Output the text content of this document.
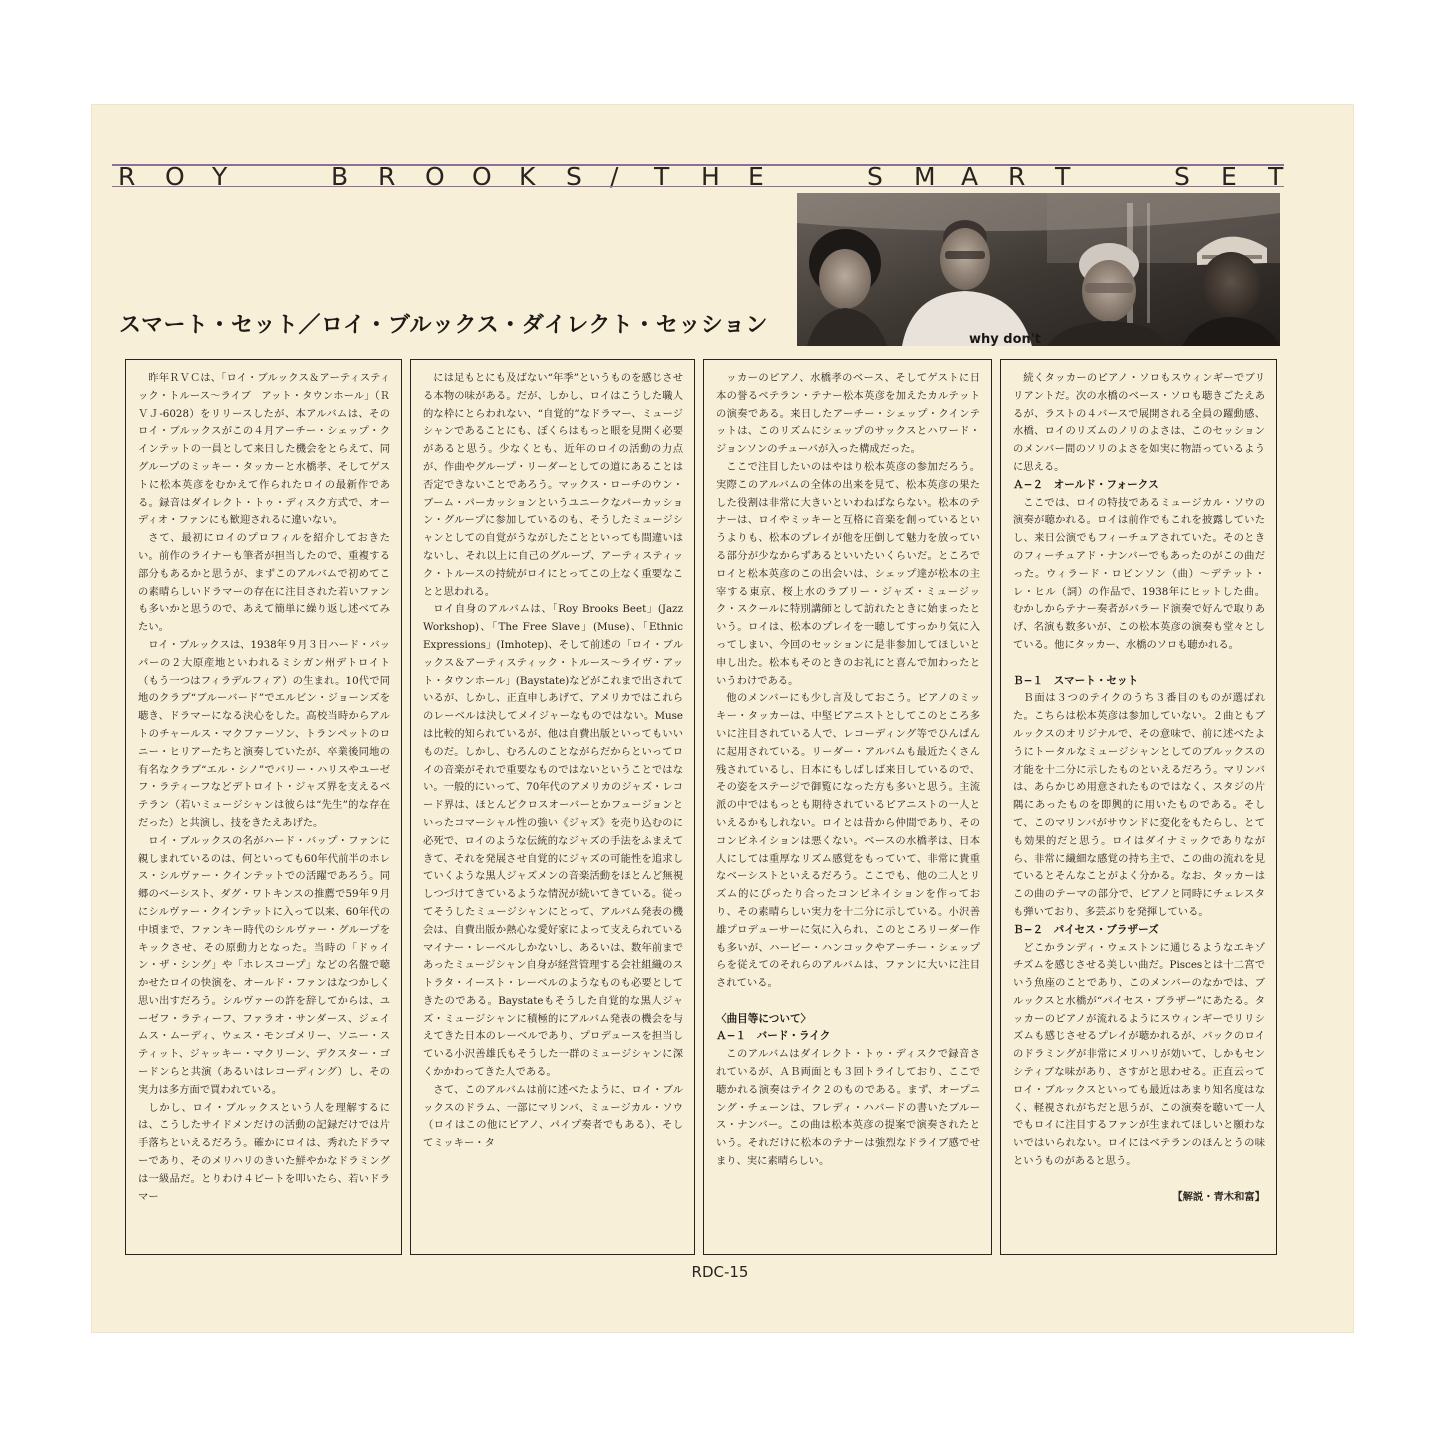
R O Y	B R O O K S / T H E	S M A R T	S E T
why don't
スマート・セット／ロイ・ブルックス・ダイレクト・セッション

昨年ＲＶＣは、「ロイ・ブルックス＆アーティスティック・トルース〜ライブ　アット・タウンホール」（ＲＶＪ-6028）をリリースしたが、本アルバムは、そのロイ・ブルックスがこの４月アーチー・シェップ・クインテットの一員として来日した機会をとらえて、同グループのミッキー・タッカーと水橋孝、そしてゲストに松本英彦をむかえて作られたロイの最新作である。録音はダイレクト・トゥ・ディスク方式で、オーディオ・ファンにも歓迎されるに違いない。

さて、最初にロイのプロフィルを紹介しておきたい。前作のライナーも筆者が担当したので、重複する部分もあるかと思うが、まずこのアルバムで初めてこの素晴らしいドラマーの存在に注目された若いファンも多いかと思うので、あえて簡単に繰り返し述べてみたい。

ロイ・ブルックスは、1938年９月３日ハード・バッパーの２大原産地といわれるミシガン州デトロイト（もう一つはフィラデルフィア）の生まれ。10代で同地のクラブ“ブルーバード”でエルビン・ジョーンズを聴き、ドラマーになる決心をした。高校当時からアルトのチャールス・マクファーソン、トランペットのロニー・ヒリアーたちと演奏していたが、卒業後同地の有名なクラブ“エル・シノ”でバリー・ハリスやユーゼフ・ラティーフなどデトロイト・ジャズ界を支えるベテラン（若いミュージシャンは彼らは“先生”的な存在だった）と共演し、技をきたえあげた。

ロイ・ブルックスの名がハード・バップ・ファンに親しまれているのは、何といっても60年代前半のホレス・シルヴァー・クインテットでの活躍であろう。同郷のベーシスト、ダグ・ワトキンスの推薦で59年９月にシルヴァー・クインテットに入って以来、60年代の中頃まで、ファンキー時代のシルヴァー・グループをキックさせ、その原動力となった。当時の「ドゥイン・ザ・シング」や「ホレスコープ」などの名盤で聴かせたロイの快演を、オールド・ファンはなつかしく思い出すだろう。シルヴァーの許を辞してからは、ユーゼフ・ラティーフ、ファラオ・サンダース、ジェイムス・ムーディ、ウェス・モンゴメリー、ソニー・スティット、ジャッキー・マクリーン、デクスター・ゴードンらと共演（あるいはレコーディング）し、その実力は多方面で買われている。

しかし、ロイ・ブルックスという人を理解するには、こうしたサイドメンだけの活動の記録だけでは片手落ちといえるだろう。確かにロイは、秀れたドラマーであり、そのメリハリのきいた鮮やかなドラミングは一級品だ。とりわけ４ビートを叩いたら、若いドラマー

には足もとにも及ばない“年季”というものを感じさせる本物の味がある。だが、しかし、ロイはこうした職人的な枠にとらわれない、“自覚的”なドラマー、ミュージシャンであることにも、ぼくらはもっと眼を見開く必要があると思う。少なくとも、近年のロイの活動の力点が、作曲やグループ・リーダーとしての道にあることは否定できないことであろう。マックス・ローチのウン・ブーム・パーカッションというユニークなパーカッション・グループに参加しているのも、そうしたミュージシャンとしての自覚がうながしたことといっても間違いはないし、それ以上に自己のグループ、アーティスティック・トルースの持続がロイにとってこの上なく重要なことと思われる。

ロイ自身のアルバムは、「Roy Brooks Beet」(Jazz Workshop)、「The Free Slave」(Muse)、「Ethnic Expressions」(Imhotep)、そして前述の「ロイ・ブルックス＆アーティスティック・トルース〜ライヴ・アット・タウンホール」(Baystate)などがこれまで出されているが、しかし、正直申しあげて、アメリカではこれらのレーベルは決してメイジャーなものではない。Museは比較的知られているが、他は自費出版といってもいいものだ。しかし、むろんのことながらだからといってロイの音楽がそれで重要なものではないということではない。一般的にいって、70年代のアメリカのジャズ・レコード界は、ほとんどクロスオーバーとかフュージョンといったコマーシャル性の強い《ジャズ》を売り込むのに必死で、ロイのような伝統的なジャズの手法をふまえてきて、それを発展させ自覚的にジャズの可能性を追求していくような黒人ジャズメンの音楽活動をほとんど無視しつづけてきているような情況が続いてきている。従ってそうしたミュージシャンにとって、アルバム発表の機会は、自費出版か熱心な愛好家によって支えられているマイナー・レーベルしかないし、あるいは、数年前まであったミュージシャン自身が経営管理する会社組織のストラタ・イースト・レーベルのようなものも必要としてきたのである。Baystateもそうした自覚的な黒人ジャズ・ミュージシャンに積極的にアルバム発表の機会を与えてきた日本のレーベルであり、プロデュースを担当している小沢善雄氏もそうした一群のミュージシャンに深くかかわってきた人である。

さて、このアルバムは前に述べたように、ロイ・ブルックスのドラム、一部にマリンバ、ミュージカル・ソウ（ロイはこの他にピアノ、パイプ奏者でもある）、そしてミッキー・タ

ッカーのピアノ、水橋孝のベース、そしてゲストに日本の誉るベテラン・テナー松本英彦を加えたカルテットの演奏である。来日したアーチー・シェップ・クインテットは、このリズムにシェップのサックスとハワード・ジョンソンのチューバが入った構成だった。

ここで注目したいのはやはり松本英彦の参加だろう。実際このアルバムの全体の出来を見て、松本英彦の果たした役割は非常に大きいといわねばならない。松本のテナーは、ロイやミッキーと互格に音楽を創っているというよりも、松本のプレイが他を圧倒して魅力を放っている部分が少なからずあるといいたいくらいだ。ところでロイと松本英彦のこの出会いは、シェップ達が松本の主宰する東京、桜上水のラブリー・ジャズ・ミュージック・スクールに特別講師として訪れたときに始まったという。ロイは、松本のプレイを一聴してすっかり気に入ってしまい、今回のセッションに是非参加してほしいと申し出た。松本もそのときのお礼にと喜んで加わったというわけである。

他のメンバーにも少し言及しておこう。ピアノのミッキー・タッカーは、中堅ピアニストとしてこのところ多いに注目されている人で、レコーディング等でひんぱんに起用されている。リーダー・アルバムも最近たくさん残されているし、日本にもしばしば来日しているので、その姿をステージで御覧になった方も多いと思う。主流派の中ではもっとも期待されているピアニストの一人といえるかもしれない。ロイとは昔から仲間であり、そのコンビネイションは悪くない。ベースの水橋孝は、日本人にしては重厚なリズム感覚をもっていて、非常に貴重なベーシストといえるだろう。ここでも、他の二人とリズム的にぴったり合ったコンビネイションを作っており、その素晴らしい実力を十二分に示している。小沢善雄プロデューサーに気に入られ、このところリーダー作も多いが、ハービー・ハンコックやアーチー・シェップらを従えてのそれらのアルバムは、ファンに大いに注目されている。

〈曲目等について〉
Ａ−１　バード・ライク

このアルバムはダイレクト・トゥ・ディスクで録音されているが、ＡＢ両面とも３回トライしており、ここで聴かれる演奏はテイク２のものである。まず、オープニング・チェーンは、フレディ・ハバードの書いたブルース・ナンバー。この曲は松本英彦の提案で演奏されたという。それだけに松本のテナーは強烈なドライブ感でせまり、実に素晴らしい。

続くタッカーのピアノ・ソロもスウィンギーでブリリアントだ。次の水橋のベース・ソロも聴きごたえあるが、ラストの４バースで展開される全員の躍動感、水橋、ロイのリズムのノリのよさは、このセッションのメンバー間のソリのよさを如実に物語っているように思える。

Ａ−２　オールド・フォークス

ここでは、ロイの特技であるミュージカル・ソウの演奏が聴かれる。ロイは前作でもこれを披露していたし、来日公演でもフィーチュアされていた。そのときのフィーチュアド・ナンバーでもあったのがこの曲だった。ウィラード・ロビンソン（曲）〜デテット・レ・ヒル（詞）の作品で、1938年にヒットした曲。むかしからテナー奏者がバラード演奏で好んで取りあげ、名演も数多いが、この松本英彦の演奏も堂々としている。他にタッカー、水橋のソロも聴かれる。

Ｂ−１　スマート・セット

Ｂ面は３つのテイクのうち３番目のものが選ばれた。こちらは松本英彦は参加していない。２曲ともブルックスのオリジナルで、その意味で、前に述べたようにトータルなミュージシャンとしてのブルックスの才能を十二分に示したものといえるだろう。マリンバは、あらかじめ用意されたものではなく、スタジの片隅にあったものを即興的に用いたものである。そして、このマリンバがサウンドに変化をもたらし、とても効果的だと思う。ロイはダイナミックでありながら、非常に繊細な感覚の持ち主で、この曲の流れを見ているとそんなことがよく分かる。なお、タッカーはこの曲のテーマの部分で、ピアノと同時にチェレスタも弾いており、多芸ぶりを発揮している。

Ｂ−２　パイセス・ブラザーズ

どこかランディ・ウェストンに通じるようなエキゾチズムを感じさせる美しい曲だ。Piscesとは十二宮でいう魚座のことであり、このメンバーのなかでは、ブルックスと水橋が“パイセス・ブラザー”にあたる。タッカーのピアノが流れるようにスウィンギーでリリシズムも感じさせるプレイが聴かれるが、バックのロイのドラミングが非常にメリハリが効いて、しかもセンシティブな味があり、さすがと思わせる。正直云ってロイ・ブルックスといっても最近はあまり知名度はなく、軽視されがちだと思うが、この演奏を聴いて一人でもロイに注目するファンが生まれてほしいと願わないではいられない。ロイにはベテランのほんとうの味というものがあると思う。

【解説・青木和富】

RDC-15
